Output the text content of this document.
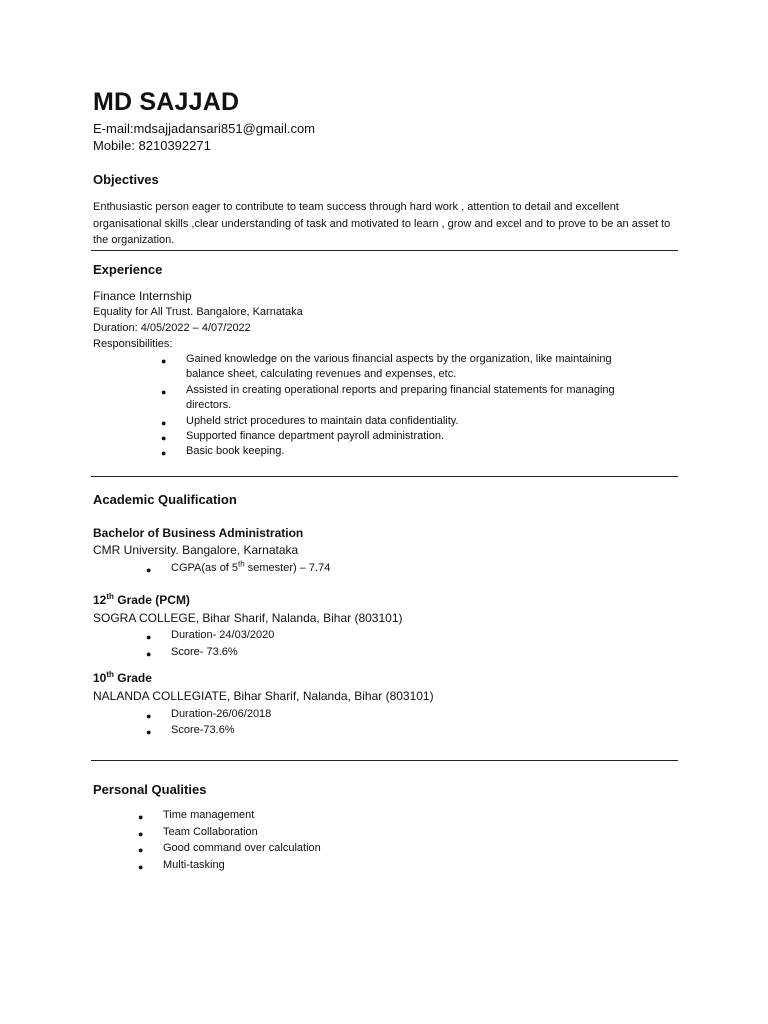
MD SAJJAD
E-mail:mdsajjadansari851@gmail.com
Mobile: 8210392271
Objectives
Enthusiastic person eager to contribute to team success through hard work , attention to detail and excellent organisational skills ,clear understanding of task and motivated to learn , grow and excel and to prove to be an asset to the organization.
Experience
Finance Internship
Equality for All Trust. Bangalore, Karnataka
Duration: 4/05/2022 – 4/07/2022
Responsibilities:
● Gained knowledge on the various financial aspects by the organization, like maintaining
balance sheet, calculating revenues and expenses, etc.
● Assisted in creating operational reports and preparing financial statements for managing
directors.
● Upheld strict procedures to maintain data confidentiality.
● Supported finance department payroll administration.
● Basic book keeping.
Academic Qualification
Bachelor of Business Administration
CMR University. Bangalore, Karnataka
● CGPA(as of 5th semester) – 7.74
12th Grade (PCM)
SOGRA COLLEGE, Bihar Sharif, Nalanda, Bihar (803101)
● Duration- 24/03/2020
● Score- 73.6%
10th Grade
NALANDA COLLEGIATE, Bihar Sharif, Nalanda, Bihar (803101)
● Duration-26/06/2018
● Score-73.6%
Personal Qualities
● Time management
● Team Collaboration
● Good command over calculation
● Multi-tasking
